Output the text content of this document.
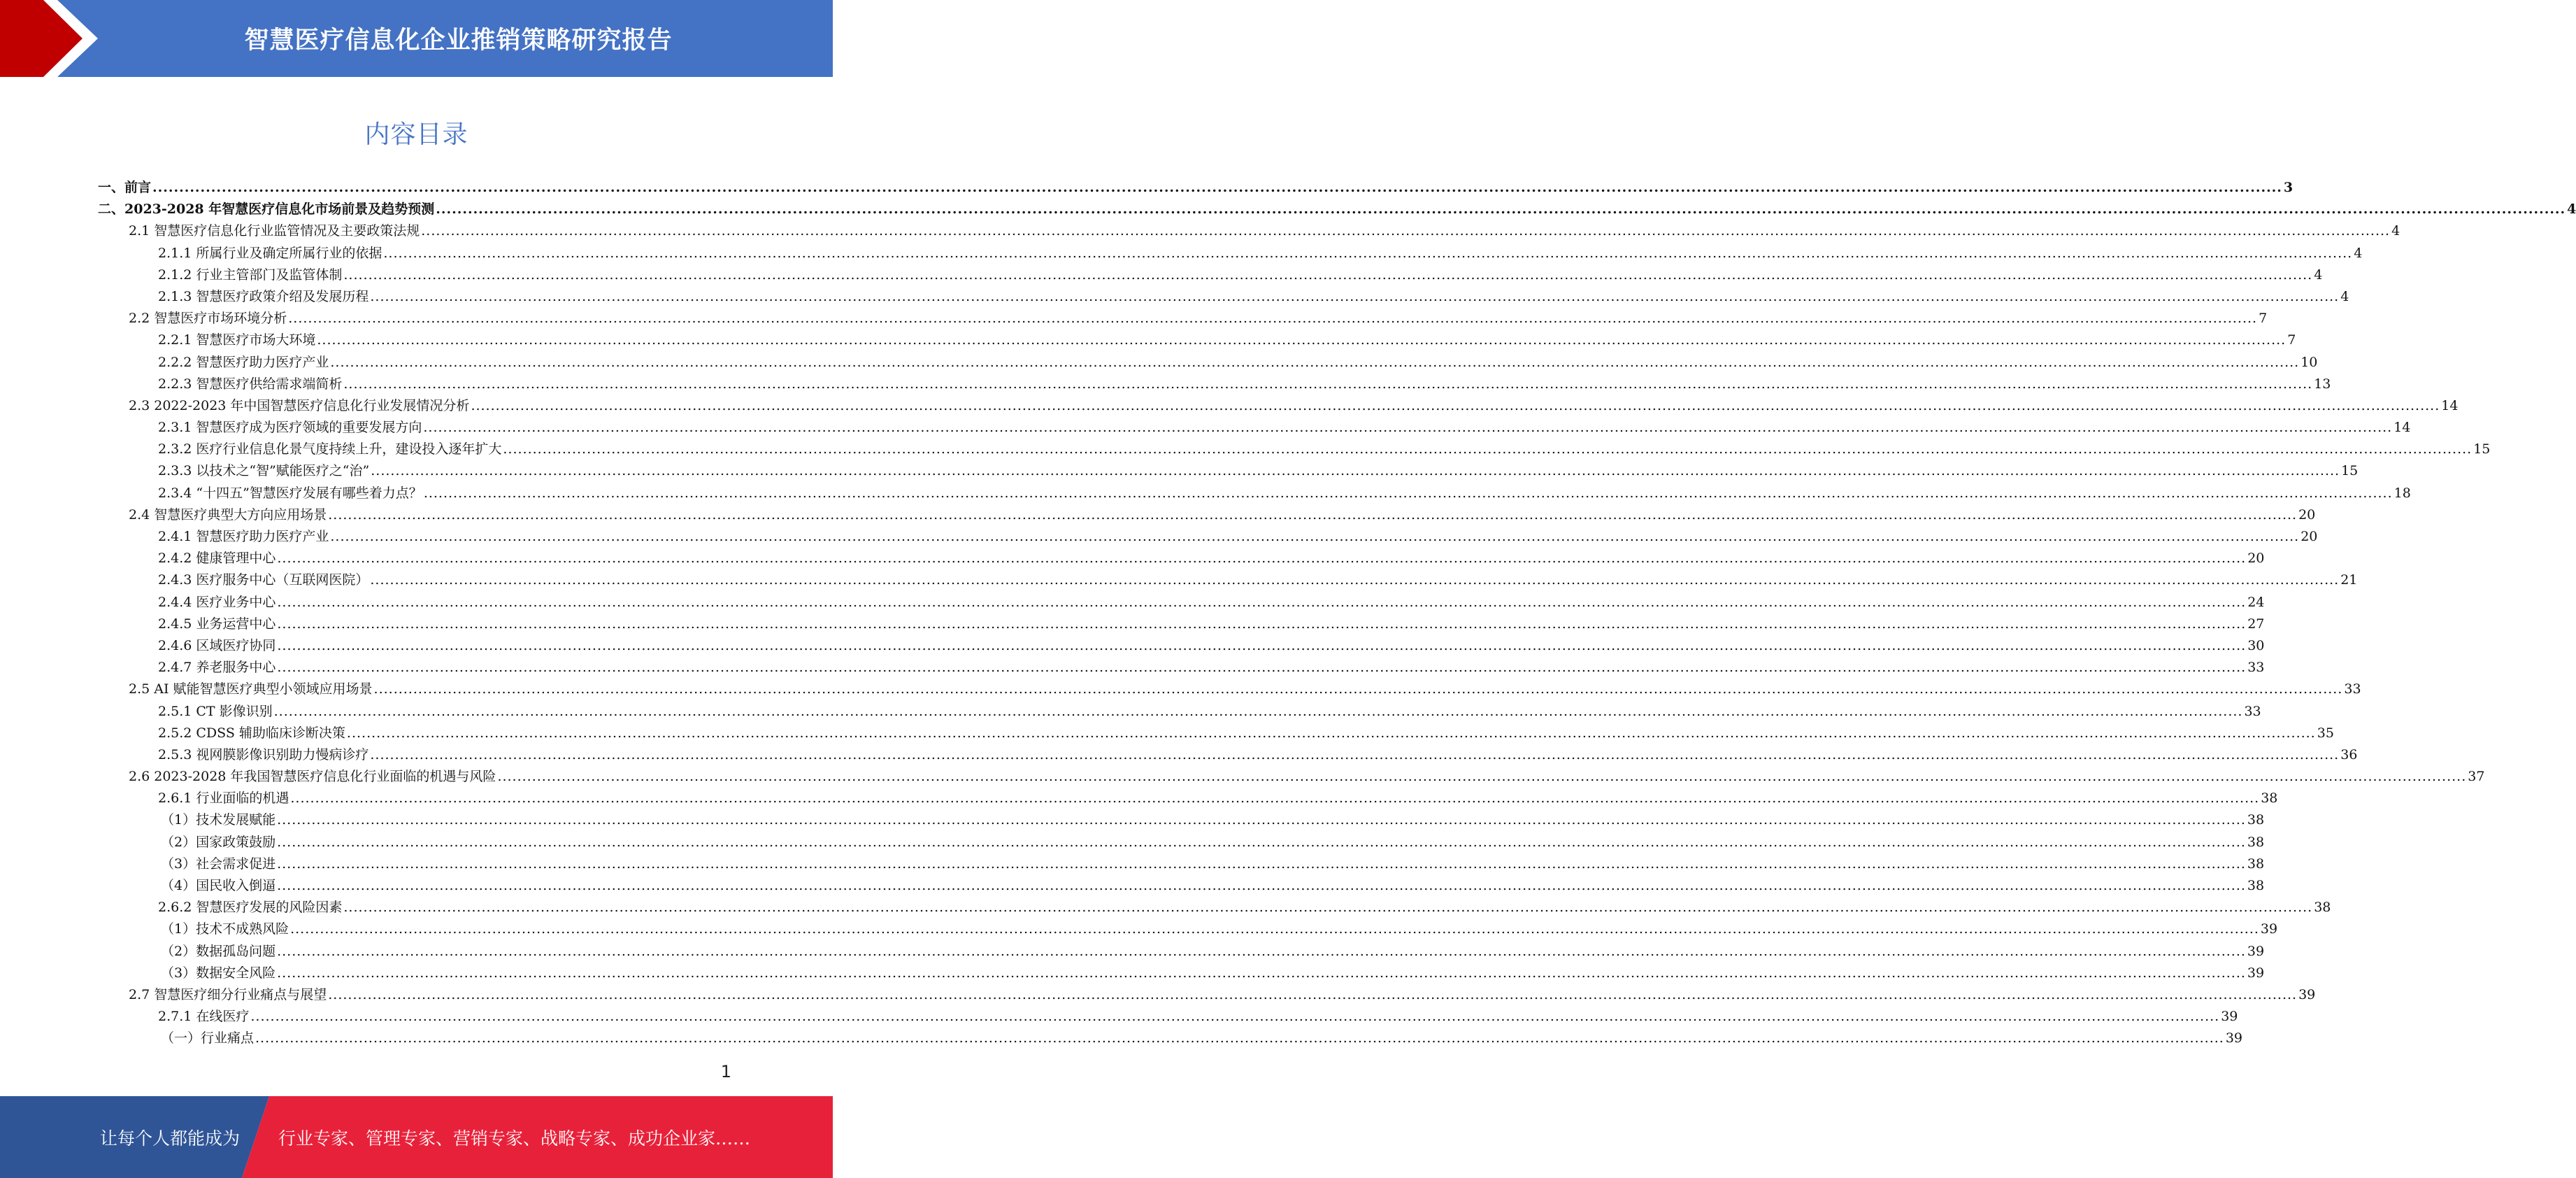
智慧医疗信息化企业推销策略研究报告
内容目录
一、前言 ................................................................................................................................................................................................................................................................................................................................................................................................................ 3
二、2023-2028 年智慧医疗信息化市场前景及趋势预测 ................................................................................................................................................................................................................................................................................................................................................................................................................ 4
2.1 智慧医疗信息化行业监管情况及主要政策法规 ................................................................................................................................................................................................................................................................................................................................................................................................................ 4
2.1.1 所属行业及确定所属行业的依据 ................................................................................................................................................................................................................................................................................................................................................................................................................ 4
2.1.2 行业主管部门及监管体制 ................................................................................................................................................................................................................................................................................................................................................................................................................ 4
2.1.3 智慧医疗政策介绍及发展历程 ................................................................................................................................................................................................................................................................................................................................................................................................................ 4
2.2 智慧医疗市场环境分析 ................................................................................................................................................................................................................................................................................................................................................................................................................ 7
2.2.1 智慧医疗市场大环境 ................................................................................................................................................................................................................................................................................................................................................................................................................ 7
2.2.2 智慧医疗助力医疗产业 ................................................................................................................................................................................................................................................................................................................................................................................................................ 10
2.2.3 智慧医疗供给需求端简析 ................................................................................................................................................................................................................................................................................................................................................................................................................ 13
2.3 2022-2023 年中国智慧医疗信息化行业发展情况分析 ................................................................................................................................................................................................................................................................................................................................................................................................................ 14
2.3.1 智慧医疗成为医疗领域的重要发展方向 ................................................................................................................................................................................................................................................................................................................................................................................................................ 14
2.3.2 医疗行业信息化景气度持续上升，建设投入逐年扩大 ................................................................................................................................................................................................................................................................................................................................................................................................................ 15
2.3.3 以技术之“智”赋能医疗之“治” ................................................................................................................................................................................................................................................................................................................................................................................................................ 15
2.3.4 “十四五”智慧医疗发展有哪些着力点？ ................................................................................................................................................................................................................................................................................................................................................................................................................ 18
2.4 智慧医疗典型大方向应用场景 ................................................................................................................................................................................................................................................................................................................................................................................................................ 20
2.4.1 智慧医疗助力医疗产业 ................................................................................................................................................................................................................................................................................................................................................................................................................ 20
2.4.2 健康管理中心 ................................................................................................................................................................................................................................................................................................................................................................................................................ 20
2.4.3 医疗服务中心（互联网医院） ................................................................................................................................................................................................................................................................................................................................................................................................................ 21
2.4.4 医疗业务中心 ................................................................................................................................................................................................................................................................................................................................................................................................................ 24
2.4.5 业务运营中心 ................................................................................................................................................................................................................................................................................................................................................................................................................ 27
2.4.6 区域医疗协同 ................................................................................................................................................................................................................................................................................................................................................................................................................ 30
2.4.7 养老服务中心 ................................................................................................................................................................................................................................................................................................................................................................................................................ 33
2.5 AI 赋能智慧医疗典型小领域应用场景 ................................................................................................................................................................................................................................................................................................................................................................................................................ 33
2.5.1 CT 影像识别 ................................................................................................................................................................................................................................................................................................................................................................................................................ 33
2.5.2 CDSS 辅助临床诊断决策 ................................................................................................................................................................................................................................................................................................................................................................................................................ 35
2.5.3 视网膜影像识别助力慢病诊疗 ................................................................................................................................................................................................................................................................................................................................................................................................................ 36
2.6 2023-2028 年我国智慧医疗信息化行业面临的机遇与风险 ................................................................................................................................................................................................................................................................................................................................................................................................................ 37
2.6.1 行业面临的机遇 ................................................................................................................................................................................................................................................................................................................................................................................................................ 38
（1）技术发展赋能 ................................................................................................................................................................................................................................................................................................................................................................................................................ 38
（2）国家政策鼓励 ................................................................................................................................................................................................................................................................................................................................................................................................................ 38
（3）社会需求促进 ................................................................................................................................................................................................................................................................................................................................................................................................................ 38
（4）国民收入倒逼 ................................................................................................................................................................................................................................................................................................................................................................................................................ 38
2.6.2 智慧医疗发展的风险因素 ................................................................................................................................................................................................................................................................................................................................................................................................................ 38
（1）技术不成熟风险 ................................................................................................................................................................................................................................................................................................................................................................................................................ 39
（2）数据孤岛问题 ................................................................................................................................................................................................................................................................................................................................................................................................................ 39
（3）数据安全风险 ................................................................................................................................................................................................................................................................................................................................................................................................................ 39
2.7 智慧医疗细分行业痛点与展望 ................................................................................................................................................................................................................................................................................................................................................................................................................ 39
2.7.1 在线医疗 ................................................................................................................................................................................................................................................................................................................................................................................................................ 39
（一）行业痛点 ................................................................................................................................................................................................................................................................................................................................................................................................................ 39
1
让每个人都能成为 行业专家、管理专家、营销专家、战略专家、成功企业家……
